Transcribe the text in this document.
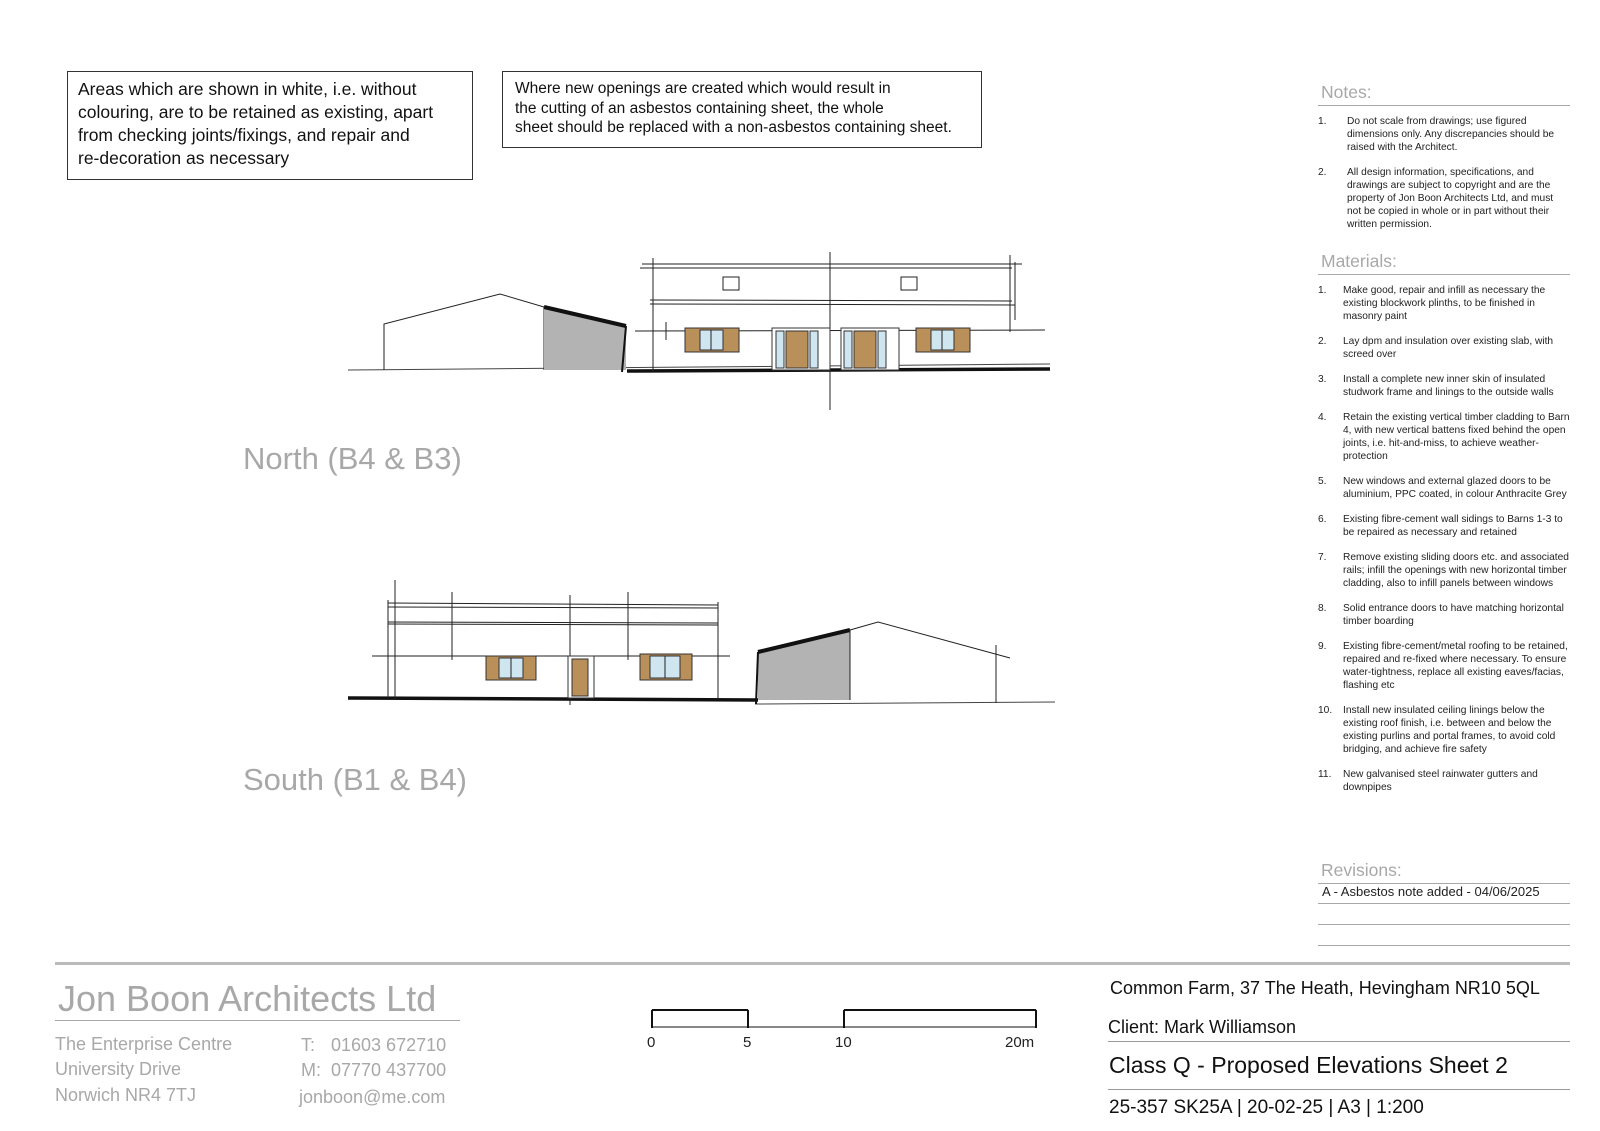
Areas which are shown in white, i.e. without
colouring, are to be retained as existing, apart
from checking joints/fixings, and repair and
re-decoration as necessary
Where new openings are created which would result in
the cutting of an asbestos containing sheet, the whole
sheet should be replaced with a non-asbestos containing sheet.
North (B4 & B3)
South (B1 & B4)
Notes:
1.	Do not scale from drawings; use figured dimensions only. Any discrepancies should be raised with the Architect.
2.	All design information, specifications, and drawings are subject to copyright and are the property of Jon Boon Architects Ltd, and must not be copied in whole or in part without their written permission.
Materials:
1.	Make good, repair and infill as necessary the existing blockwork plinths, to be finished in masonry paint
2.	Lay dpm and insulation over existing slab, with screed over
3.	Install a complete new inner skin of insulated studwork frame and linings to the outside walls
4.	Retain the existing vertical timber cladding to Barn 4, with new vertical battens fixed behind the open joints, i.e. hit-and-miss, to achieve weather-protection
5.	New windows and external glazed doors to be aluminium, PPC coated, in colour Anthracite Grey
6.	Existing fibre-cement wall sidings to Barns 1-3 to be repaired as necessary and retained
7.	Remove existing sliding doors etc. and associated rails; infill the openings with new horizontal timber cladding, also to infill panels between windows
8.	Solid entrance doors to have matching horizontal timber boarding
9.	Existing fibre-cement/metal roofing to be retained, repaired and re-fixed where necessary. To ensure water-tightness, replace all existing eaves/facias, flashing etc
10.	Install new insulated ceiling linings below the existing roof finish, i.e. between and below the existing purlins and portal frames, to avoid cold bridging, and achieve fire safety
11.	New galvanised steel rainwater gutters and downpipes
Revisions:
A - Asbestos note added - 04/06/2025
Jon Boon Architects Ltd
The Enterprise Centre
University Drive
Norwich NR4 7TJ
T: 01603 672710
M: 07770 437700
jonboon@me.com
0	5	10	20m
Common Farm, 37 The Heath, Hevingham NR10 5QL
Client: Mark Williamson
Class Q - Proposed Elevations Sheet 2
25-357 SK25A | 20-02-25 | A3 | 1:200
